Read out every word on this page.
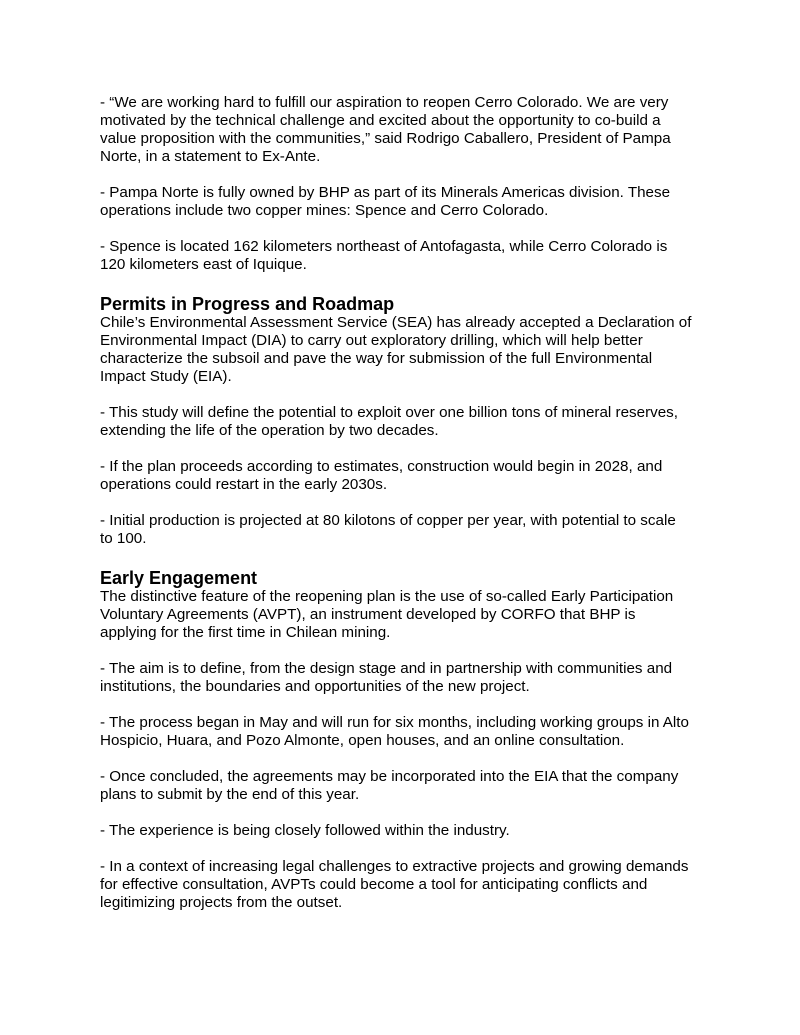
- “We are working hard to fulfill our aspiration to reopen Cerro Colorado. We are very
motivated by the technical challenge and excited about the opportunity to co-build a
value proposition with the communities,” said Rodrigo Caballero, President of Pampa
Norte, in a statement to Ex-Ante.

- Pampa Norte is fully owned by BHP as part of its Minerals Americas division. These
operations include two copper mines: Spence and Cerro Colorado.

- Spence is located 162 kilometers northeast of Antofagasta, while Cerro Colorado is
120 kilometers east of Iquique.

Permits in Progress and Roadmap

Chile’s Environmental Assessment Service (SEA) has already accepted a Declaration of
Environmental Impact (DIA) to carry out exploratory drilling, which will help better
characterize the subsoil and pave the way for submission of the full Environmental
Impact Study (EIA).

- This study will define the potential to exploit over one billion tons of mineral reserves,
extending the life of the operation by two decades.

- If the plan proceeds according to estimates, construction would begin in 2028, and
operations could restart in the early 2030s.

- Initial production is projected at 80 kilotons of copper per year, with potential to scale
to 100.

Early Engagement

The distinctive feature of the reopening plan is the use of so-called Early Participation
Voluntary Agreements (AVPT), an instrument developed by CORFO that BHP is
applying for the first time in Chilean mining.

- The aim is to define, from the design stage and in partnership with communities and
institutions, the boundaries and opportunities of the new project.

- The process began in May and will run for six months, including working groups in Alto
Hospicio, Huara, and Pozo Almonte, open houses, and an online consultation.

- Once concluded, the agreements may be incorporated into the EIA that the company
plans to submit by the end of this year.

- The experience is being closely followed within the industry.

- In a context of increasing legal challenges to extractive projects and growing demands
for effective consultation, AVPTs could become a tool for anticipating conflicts and
legitimizing projects from the outset.
